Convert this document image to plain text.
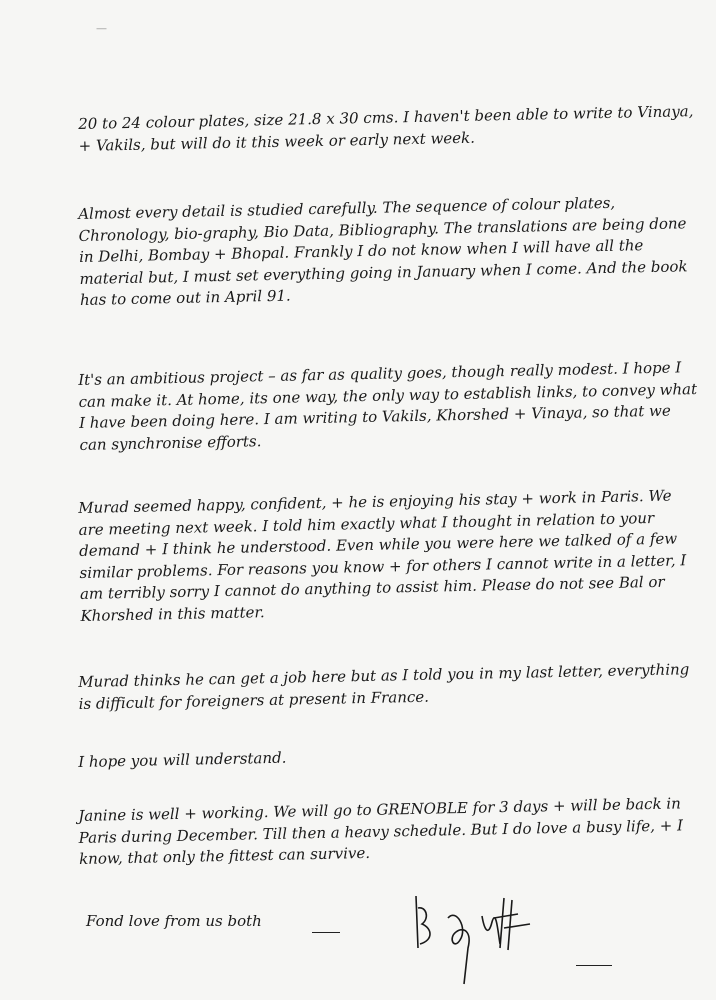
—
20 to 24 colour plates, size 21.8 x 30 cms. I haven't been able to write to Vinaya, + Vakils, but will do it this week or early next week.
Almost every detail is studied carefully. The sequence of colour plates, Chronology, bio-graphy, Bio Data, Bibliography. The translations are being done in Delhi, Bombay + Bhopal. Frankly I do not know when I will have all the material but, I must set everything going in January when I come. And the book has to come out in April 91.
It's an ambitious project – as far as quality goes, though really modest. I hope I can make it. At home, its one way, the only way to establish links, to convey what I have been doing here. I am writing to Vakils, Khorshed + Vinaya, so that we can synchronise efforts.
Murad seemed happy, confident, + he is enjoying his stay + work in Paris. We are meeting next week. I told him exactly what I thought in relation to your demand + I think he understood. Even while you were here we talked of a few similar problems. For reasons you know + for others I cannot write in a letter, I am terribly sorry I cannot do anything to assist him. Please do not see Bal or Khorshed in this matter.
Murad thinks he can get a job here but as I told you in my last letter, everything is difficult for foreigners at present in France.
I hope you will understand.
Janine is well + working. We will go to GRENOBLE for 3 days + will be back in Paris during December. Till then a heavy schedule. But I do love a busy life, + I know, that only the fittest can survive.
Fond love from us both
